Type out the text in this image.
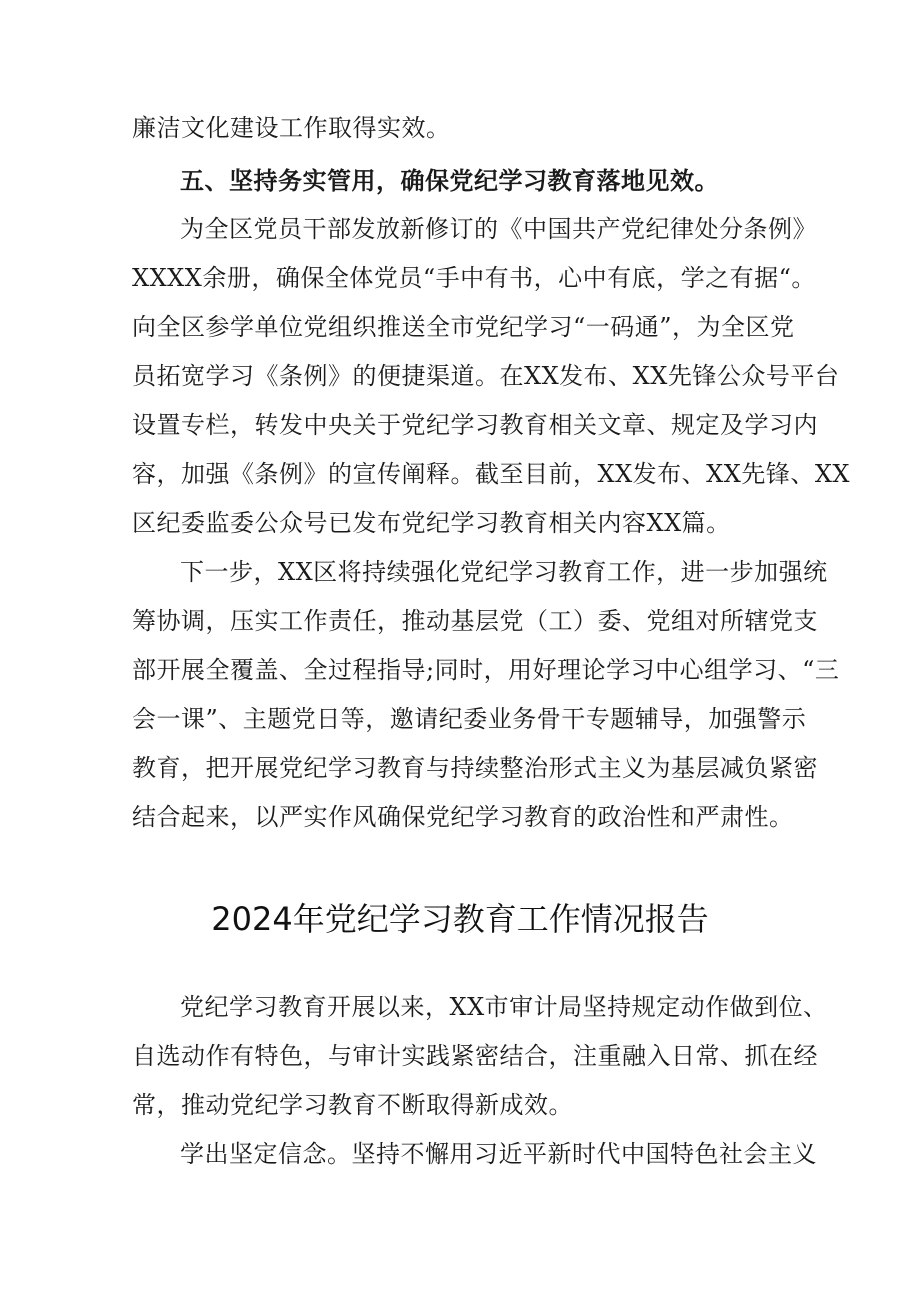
廉洁文化建设工作取得实效。
五、坚持务实管用，确保党纪学习教育落地见效。
为全区党员干部发放新修订的《中国共产党纪律处分条例》
XXXX余册，确保全体党员“手中有书，心中有底，学之有据“。
向全区参学单位党组织推送全市党纪学习“一码通”，为全区党
员拓宽学习《条例》的便捷渠道。在XX发布、XX先锋公众号平台
设置专栏，转发中央关于党纪学习教育相关文章、规定及学习内
容，加强《条例》的宣传阐释。截至目前，XX发布、XX先锋、XX
区纪委监委公众号已发布党纪学习教育相关内容XX篇。
下一步，XX区将持续强化党纪学习教育工作，进一步加强统
筹协调，压实工作责任，推动基层党（工）委、党组对所辖党支
部开展全覆盖、全过程指导;同时，用好理论学习中心组学习、“三
会一课”、主题党日等，邀请纪委业务骨干专题辅导，加强警示
教育，把开展党纪学习教育与持续整治形式主义为基层减负紧密
结合起来，以严实作风确保党纪学习教育的政治性和严肃性。
2024年党纪学习教育工作情况报告
党纪学习教育开展以来，XX市审计局坚持规定动作做到位、
自选动作有特色，与审计实践紧密结合，注重融入日常、抓在经
常，推动党纪学习教育不断取得新成效。
学出坚定信念。坚持不懈用习近平新时代中国特色社会主义
